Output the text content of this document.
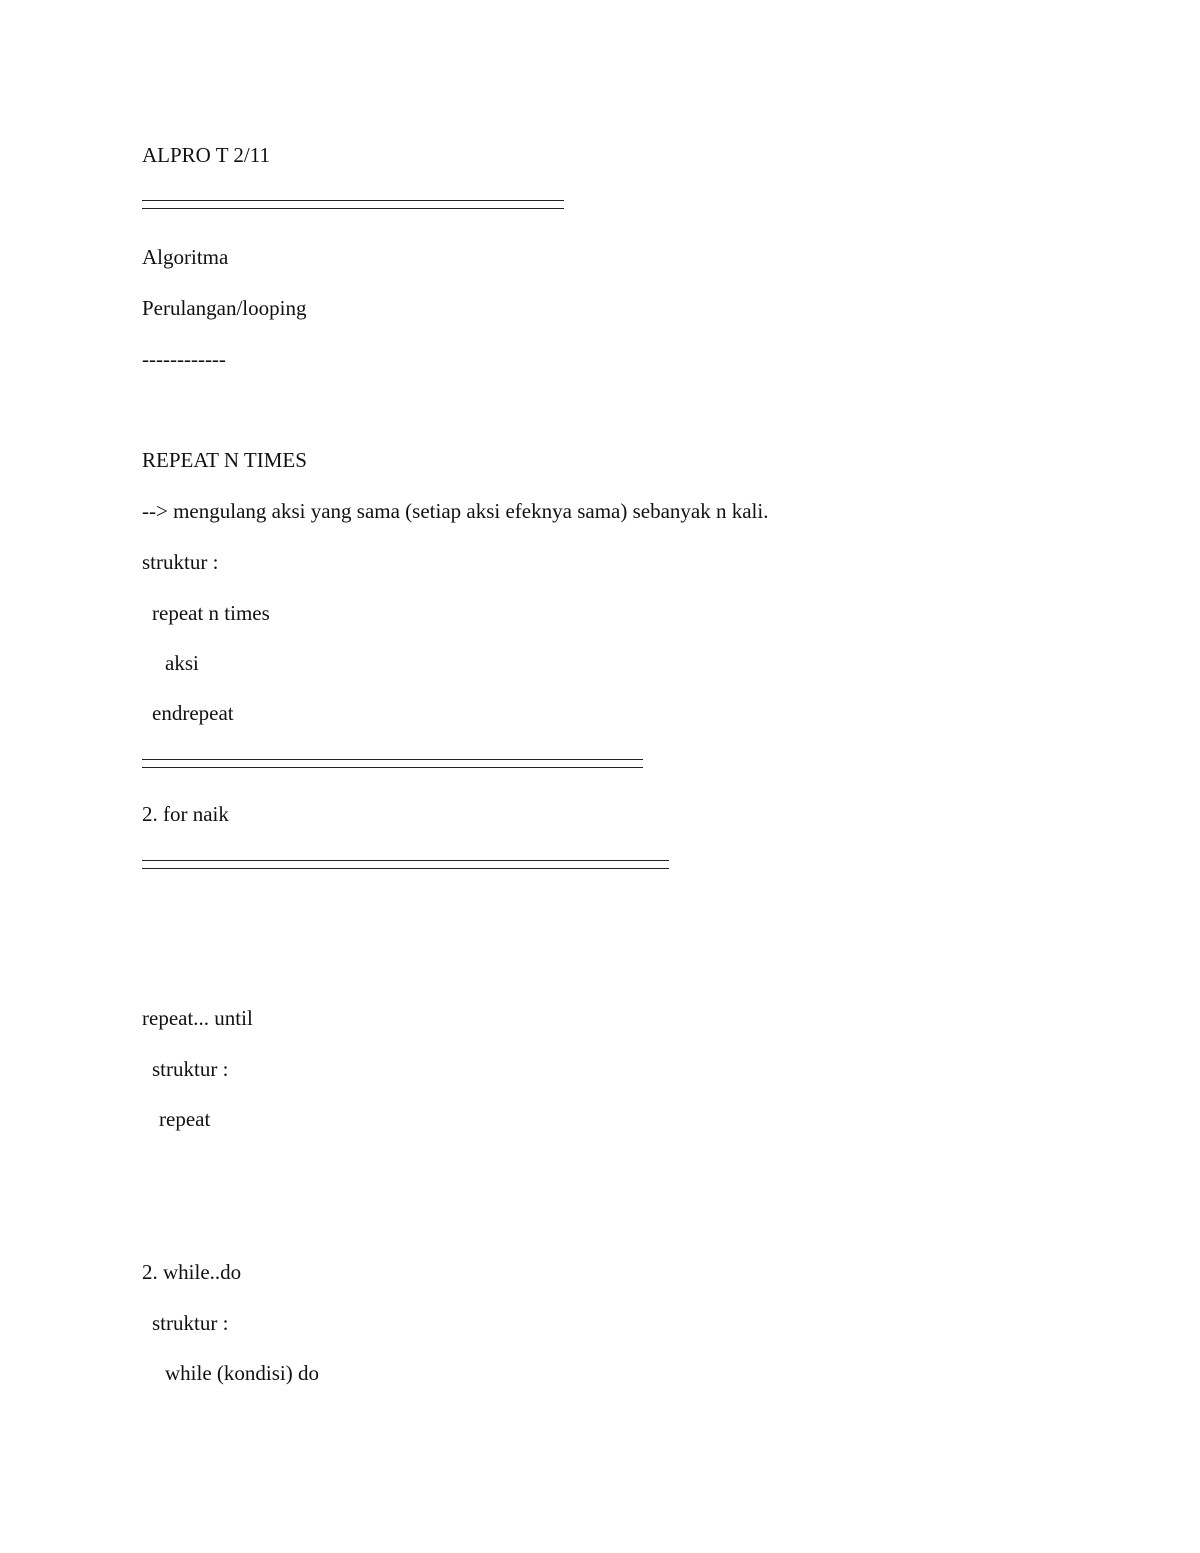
ALPRO T 2/11

Algoritma

Perulangan/looping

------------

REPEAT N TIMES

--> mengulang aksi yang sama (setiap aksi efeknya sama) sebanyak n kali.

struktur :

repeat n times

aksi

endrepeat

2. for naik

repeat... until

struktur :

repeat

2. while..do

struktur :

while (kondisi) do
